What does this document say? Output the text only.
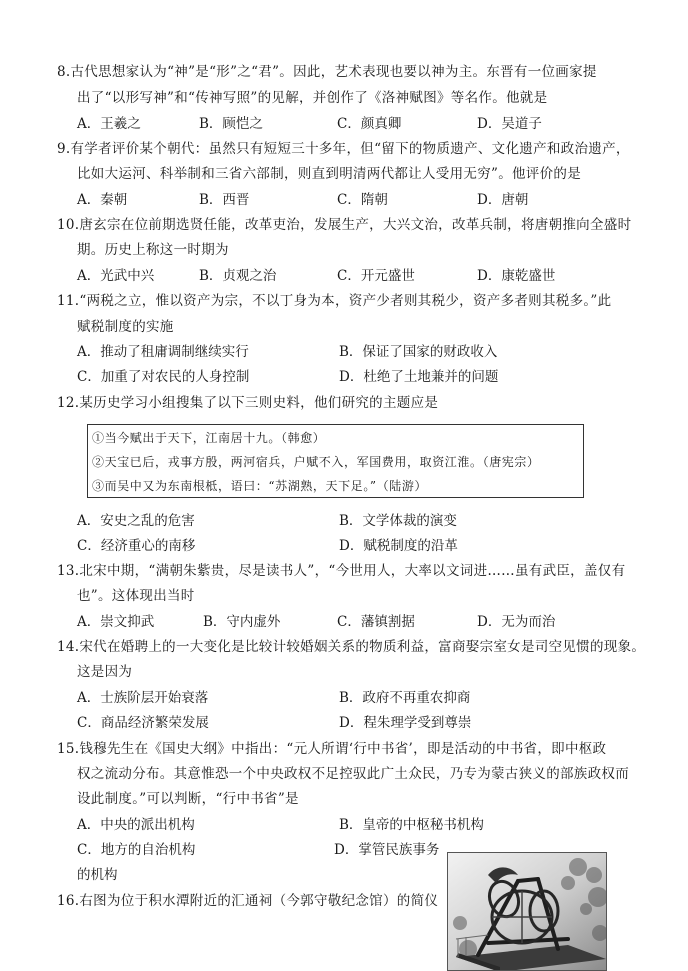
8.古代思想家认为“神”是“形”之“君”。因此，艺术表现也要以神为主。东晋有一位画家提
出了“以形写神”和“传神写照”的见解，并创作了《洛神赋图》等名作。他就是
A．王羲之	B．顾恺之	C．颜真卿	D．吴道子
9.有学者评价某个朝代：虽然只有短短三十多年，但“留下的物质遗产、文化遗产和政治遗产，
比如大运河、科举制和三省六部制，则直到明清两代都让人受用无穷”。他评价的是
A．秦朝	B．西晋	C．隋朝	D．唐朝
10.唐玄宗在位前期选贤任能，改革吏治，发展生产，大兴文治，改革兵制，将唐朝推向全盛时
期。历史上称这一时期为
A．光武中兴	B．贞观之治	C．开元盛世	D．康乾盛世
11.“两税之立，惟以资产为宗，不以丁身为本，资产少者则其税少，资产多者则其税多。”此
赋税制度的实施
A．推动了租庸调制继续实行	B．保证了国家的财政收入
C．加重了对农民的人身控制	D．杜绝了土地兼并的问题
12.某历史学习小组搜集了以下三则史料，他们研究的主题应是
①当今赋出于天下，江南居十九。（韩愈）
②天宝已后，戎事方殷，两河宿兵，户赋不入，军国费用，取资江淮。（唐宪宗）
③而吴中又为东南根柢，语曰：“苏湖熟，天下足。”（陆游）
A．安史之乱的危害	B．文学体裁的演变
C．经济重心的南移	D．赋税制度的沿革
13.北宋中期，“满朝朱紫贵，尽是读书人”，“今世用人，大率以文词进……虽有武臣，盖仅有
也”。这体现出当时
A．崇文抑武	B．守内虚外	C．藩镇割据	D．无为而治
14.宋代在婚聘上的一大变化是比较计较婚姻关系的物质利益，富商娶宗室女是司空见惯的现象。
这是因为
A．士族阶层开始衰落	B．政府不再重农抑商
C．商品经济繁荣发展	D．程朱理学受到尊崇
15.钱穆先生在《国史大纲》中指出：“元人所谓‘行中书省’，即是活动的中书省，即中枢政
权之流动分布。其意惟恐一个中央政权不足控驭此广土众民，乃专为蒙古狭义的部族政权而
设此制度。”可以判断，“行中书省”是
A．中央的派出机构	B．皇帝的中枢秘书机构
C．地方的自治机构	D．掌管民族事务
的机构
16.右图为位于积水潭附近的汇通祠（今郭守敬纪念馆）的简仪
